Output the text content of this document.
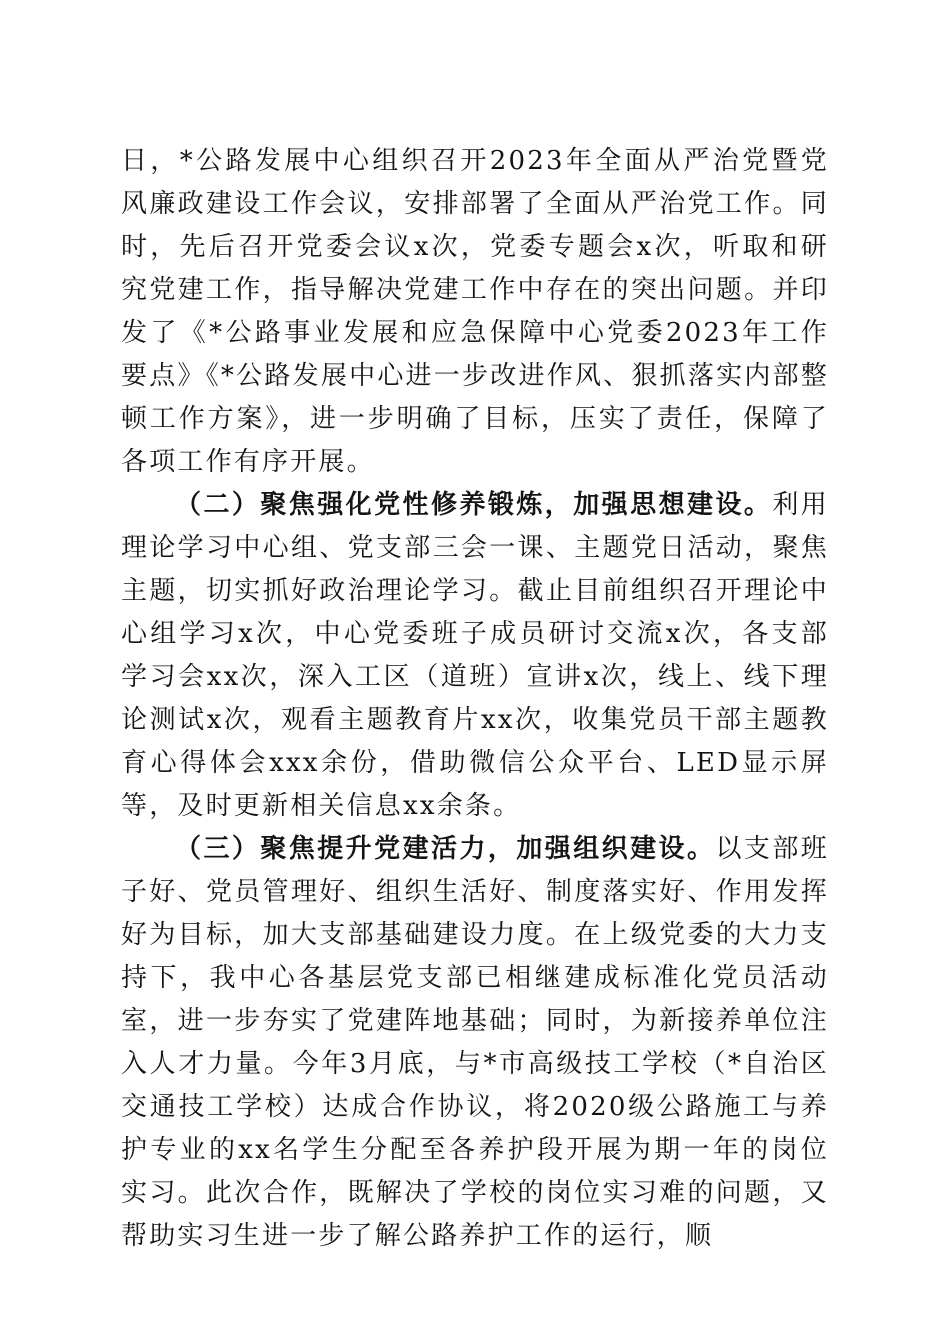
日，*公路发展中心组织召开2023年全面从严治党暨党风廉政建设工作会议，安排部署了全面从严治党工作。同时，先后召开党委会议x次，党委专题会x次，听取和研究党建工作，指导解决党建工作中存在的突出问题。并印发了《*公路事业发展和应急保障中心党委2023年工作要点》《*公路发展中心进一步改进作风、狠抓落实内部整顿工作方案》，进一步明确了目标，压实了责任，保障了各项工作有序开展。

（二）聚焦强化党性修养锻炼，加强思想建设。利用理论学习中心组、党支部三会一课、主题党日活动，聚焦主题，切实抓好政治理论学习。截止目前组织召开理论中心组学习x次，中心党委班子成员研讨交流x次，各支部学习会xx次，深入工区（道班）宣讲x次，线上、线下理论测试x次，观看主题教育片xx次，收集党员干部主题教育心得体会xxx余份，借助微信公众平台、LED显示屏等，及时更新相关信息xx余条。

（三）聚焦提升党建活力，加强组织建设。以支部班子好、党员管理好、组织生活好、制度落实好、作用发挥好为目标，加大支部基础建设力度。在上级党委的大力支持下，我中心各基层党支部已相继建成标准化党员活动室，进一步夯实了党建阵地基础；同时，为新接养单位注入人才力量。今年3月底，与*市高级技工学校（*自治区交通技工学校）达成合作协议，将2020级公路施工与养护专业的xx名学生分配至各养护段开展为期一年的岗位实习。此次合作，既解决了学校的岗位实习难的问题，又帮助实习生进一步了解公路养护工作的运行，顺
